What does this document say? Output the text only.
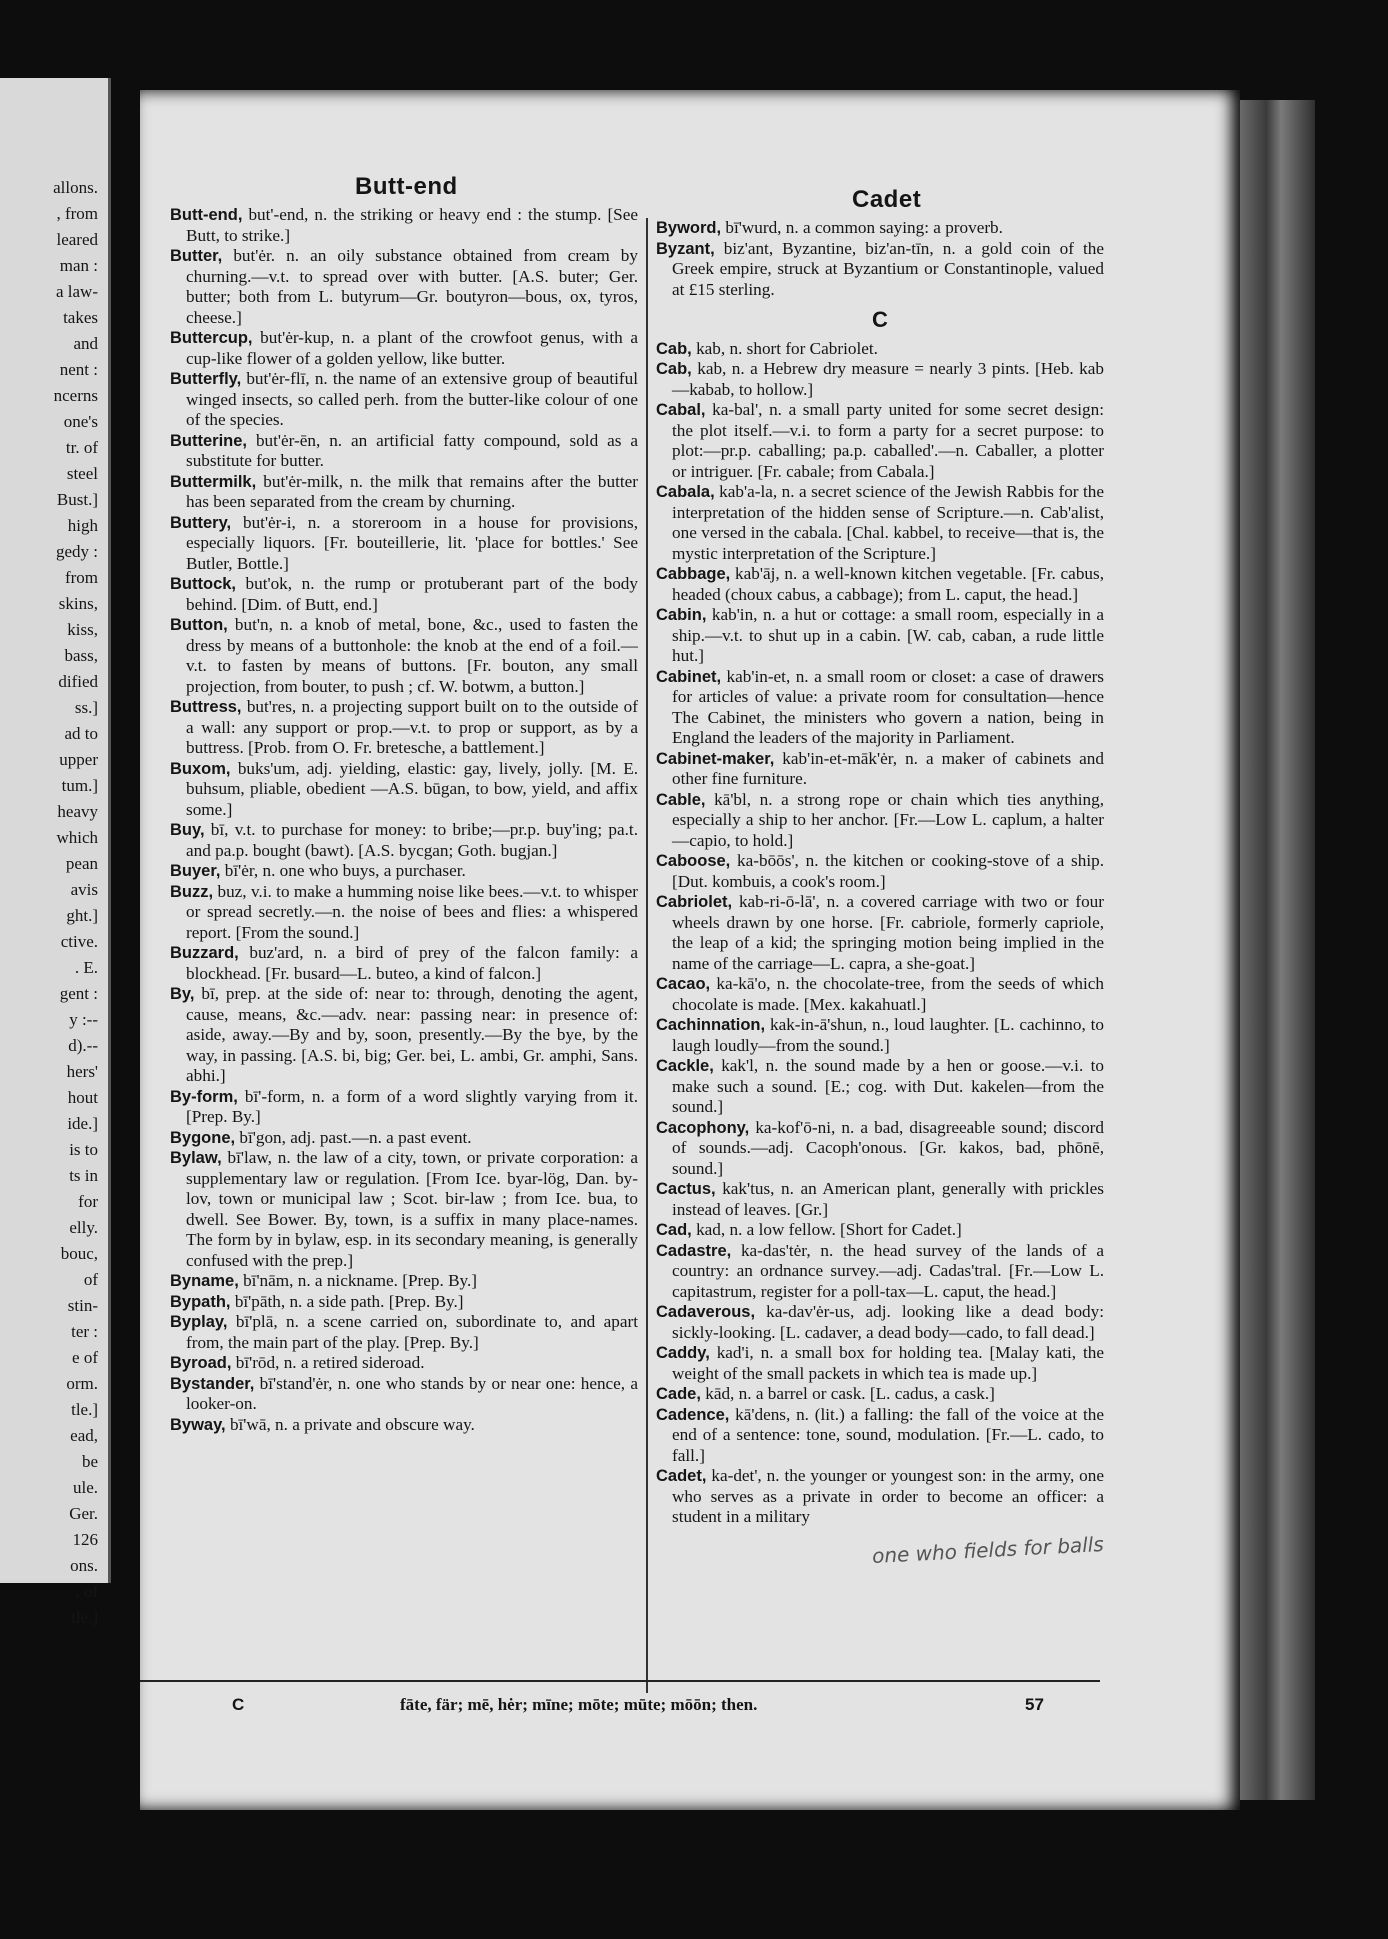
allons.
, from
leared
man :
a law-
takes
and
nent :
ncerns
one's
tr. of
steel
Bust.]
high
gedy :
from
skins,
kiss,
bass,
dified
ss.]
ad to
upper
tum.]
heavy
which
pean
avis
ght.]
ctive.
. E.
gent :
y :--
d).--
hers'
hout
ide.]
is to
ts in
for
elly.
bouc,
of
stin-
ter :
e of
orm.
tle.]
ead,
be
ule.
Ger.
126
ons.
, of
tle.]
Butt-end	Cadet

Butt-end, but'-end, n. the striking or heavy end : the stump. [See Butt, to strike.]

Butter, but'ėr. n. an oily substance obtained from cream by churning.—v.t. to spread over with butter. [A.S. buter; Ger. butter; both from L. butyrum—Gr. boutyron—bous, ox, tyros, cheese.]

Buttercup, but'ėr-kup, n. a plant of the crowfoot genus, with a cup-like flower of a golden yellow, like butter.

Butterfly, but'ėr-flī, n. the name of an extensive group of beautiful winged insects, so called perh. from the butter-like colour of one of the species.

Butterine, but'ėr-ēn, n. an artificial fatty compound, sold as a substitute for butter.

Buttermilk, but'ėr-milk, n. the milk that remains after the butter has been separated from the cream by churning.

Buttery, but'ėr-i, n. a storeroom in a house for provisions, especially liquors. [Fr. bouteillerie, lit. 'place for bottles.' See Butler, Bottle.]

Buttock, but'ok, n. the rump or protuberant part of the body behind. [Dim. of Butt, end.]

Button, but'n, n. a knob of metal, bone, &c., used to fasten the dress by means of a buttonhole: the knob at the end of a foil.—v.t. to fasten by means of buttons. [Fr. bouton, any small projection, from bouter, to push ; cf. W. botwm, a button.]

Buttress, but'res, n. a projecting support built on to the outside of a wall: any support or prop.—v.t. to prop or support, as by a buttress. [Prob. from O. Fr. bretesche, a battlement.]

Buxom, buks'um, adj. yielding, elastic: gay, lively, jolly. [M. E. buhsum, pliable, obedient —A.S. būgan, to bow, yield, and affix some.]

Buy, bī, v.t. to purchase for money: to bribe;—pr.p. buy'ing; pa.t. and pa.p. bought (bawt). [A.S. bycgan; Goth. bugjan.]

Buyer, bī'ėr, n. one who buys, a purchaser.

Buzz, buz, v.i. to make a humming noise like bees.—v.t. to whisper or spread secretly.—n. the noise of bees and flies: a whispered report. [From the sound.]

Buzzard, buz'ard, n. a bird of prey of the falcon family: a blockhead. [Fr. busard—L. buteo, a kind of falcon.]

By, bī, prep. at the side of: near to: through, denoting the agent, cause, means, &c.—adv. near: passing near: in presence of: aside, away.—By and by, soon, presently.—By the bye, by the way, in passing. [A.S. bi, big; Ger. bei, L. ambi, Gr. amphi, Sans. abhi.]

By-form, bī'-form, n. a form of a word slightly varying from it. [Prep. By.]

Bygone, bī'gon, adj. past.—n. a past event.

Bylaw, bī'law, n. the law of a city, town, or private corporation: a supplementary law or regulation. [From Ice. byar-lög, Dan. by-lov, town or municipal law ; Scot. bir-law ; from Ice. bua, to dwell. See Bower. By, town, is a suffix in many place-names. The form by in bylaw, esp. in its secondary meaning, is generally confused with the prep.]

Byname, bī'nām, n. a nickname. [Prep. By.]

Bypath, bī'pāth, n. a side path. [Prep. By.]

Byplay, bī'plā, n. a scene carried on, subordinate to, and apart from, the main part of the play. [Prep. By.]

Byroad, bī'rōd, n. a retired sideroad.

Bystander, bī'stand'ėr, n. one who stands by or near one: hence, a looker-on.

Byway, bī'wā, n. a private and obscure way.

Byword, bī'wurd, n. a common saying: a proverb.

Byzant, biz'ant, Byzantine, biz'an-tīn, n. a gold coin of the Greek empire, struck at Byzantium or Constantinople, valued at £15 sterling.

C

Cab, kab, n. short for Cabriolet.

Cab, kab, n. a Hebrew dry measure = nearly 3 pints. [Heb. kab—kabab, to hollow.]

Cabal, ka-bal', n. a small party united for some secret design: the plot itself.—v.i. to form a party for a secret purpose: to plot:—pr.p. caballing; pa.p. caballed'.—n. Caballer, a plotter or intriguer. [Fr. cabale; from Cabala.]

Cabala, kab'a-la, n. a secret science of the Jewish Rabbis for the interpretation of the hidden sense of Scripture.—n. Cab'alist, one versed in the cabala. [Chal. kabbel, to receive—that is, the mystic interpretation of the Scripture.]

Cabbage, kab'āj, n. a well-known kitchen vegetable. [Fr. cabus, headed (choux cabus, a cabbage); from L. caput, the head.]

Cabin, kab'in, n. a hut or cottage: a small room, especially in a ship.—v.t. to shut up in a cabin. [W. cab, caban, a rude little hut.]

Cabinet, kab'in-et, n. a small room or closet: a case of drawers for articles of value: a private room for consultation—hence The Cabinet, the ministers who govern a nation, being in England the leaders of the majority in Parliament.

Cabinet-maker, kab'in-et-māk'ėr, n. a maker of cabinets and other fine furniture.

Cable, kā'bl, n. a strong rope or chain which ties anything, especially a ship to her anchor. [Fr.—Low L. caplum, a halter—capio, to hold.]

Caboose, ka-bōōs', n. the kitchen or cooking-stove of a ship. [Dut. kombuis, a cook's room.]

Cabriolet, kab-ri-ō-lā', n. a covered carriage with two or four wheels drawn by one horse. [Fr. cabriole, formerly capriole, the leap of a kid; the springing motion being implied in the name of the carriage—L. capra, a she-goat.]

Cacao, ka-kā'o, n. the chocolate-tree, from the seeds of which chocolate is made. [Mex. kakahuatl.]

Cachinnation, kak-in-ā'shun, n., loud laughter. [L. cachinno, to laugh loudly—from the sound.]

Cackle, kak'l, n. the sound made by a hen or goose.—v.i. to make such a sound. [E.; cog. with Dut. kakelen—from the sound.]

Cacophony, ka-kof'ō-ni, n. a bad, disagreeable sound; discord of sounds.—adj. Cacoph'onous. [Gr. kakos, bad, phōnē, sound.]

Cactus, kak'tus, n. an American plant, generally with prickles instead of leaves. [Gr.]

Cad, kad, n. a low fellow. [Short for Cadet.]

Cadastre, ka-das'tėr, n. the head survey of the lands of a country: an ordnance survey.—adj. Cadas'tral. [Fr.—Low L. capitastrum, register for a poll-tax—L. caput, the head.]

Cadaverous, ka-dav'ėr-us, adj. looking like a dead body: sickly-looking. [L. cadaver, a dead body—cado, to fall dead.]

Caddy, kad'i, n. a small box for holding tea. [Malay kati, the weight of the small packets in which tea is made up.]

Cade, kād, n. a barrel or cask. [L. cadus, a cask.]

Cadence, kā'dens, n. (lit.) a falling: the fall of the voice at the end of a sentence: tone, sound, modulation. [Fr.—L. cado, to fall.]

Cadet, ka-det', n. the younger or youngest son: in the army, one who serves as a private in order to become an officer: a student in a military

one who fields for balls
C	fāte, fär; mē, hėr; mīne; mōte; mūte; mōōn; then.	57
